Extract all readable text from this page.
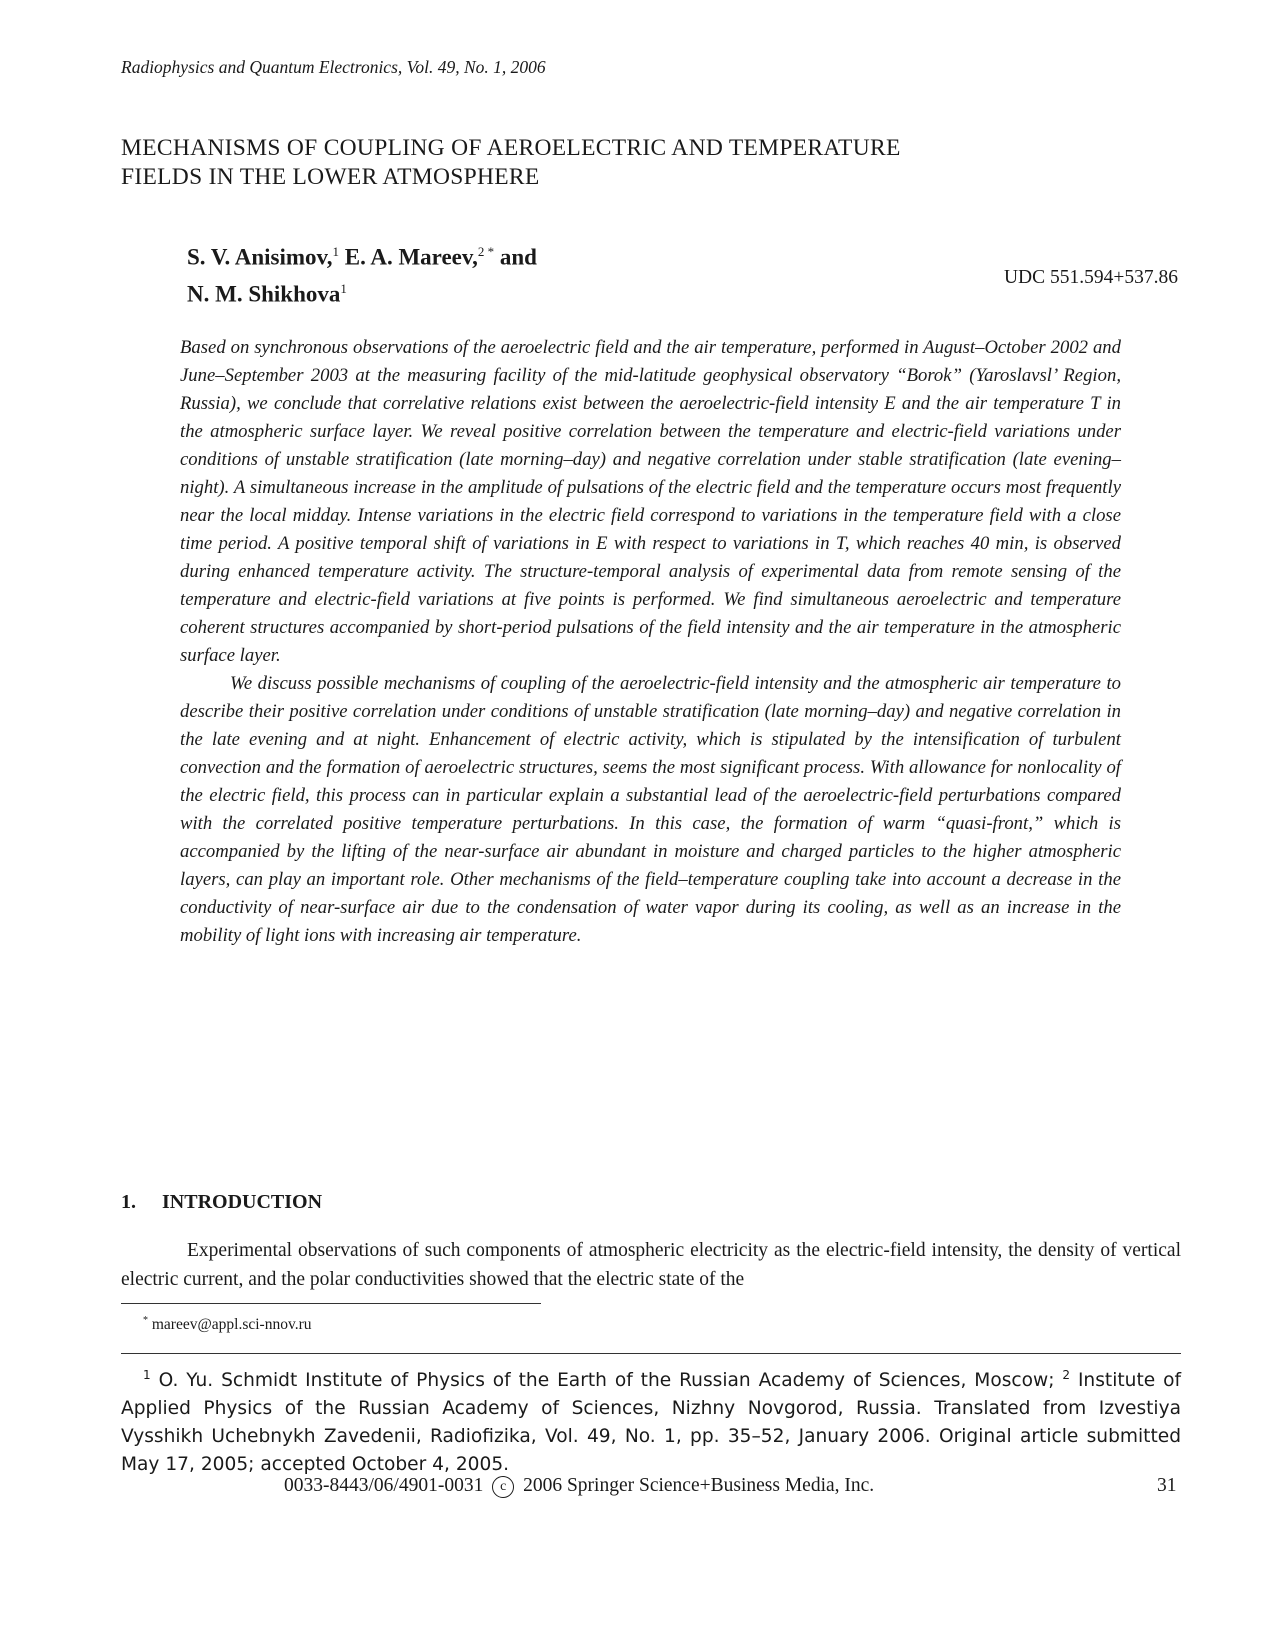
Radiophysics and Quantum Electronics, Vol. 49, No. 1, 2006
MECHANISMS OF COUPLING OF AEROELECTRIC AND TEMPERATURE
FIELDS IN THE LOWER ATMOSPHERE
S. V. Anisimov,$^1$ E. A. Mareev,$^{2 *}$ and
N. M. Shikhova$^1$
UDC 551.594+537.86

Based on synchronous observations of the aeroelectric field and the air temperature, performed in August–October 2002 and June–September 2003 at the measuring facility of the mid-latitude geophysical observatory “Borok” (Yaroslavsl’ Region, Russia), we conclude that correlative relations exist between the aeroelectric-field intensity E and the air temperature T in the atmospheric surface layer. We reveal positive correlation between the temperature and electric-field variations under conditions of unstable stratification (late morning–day) and negative correlation under stable stratification (late evening–night). A simultaneous increase in the amplitude of pulsations of the electric field and the temperature occurs most frequently near the local midday. Intense variations in the electric field correspond to variations in the temperature field with a close time period. A positive temporal shift of variations in E with respect to variations in T, which reaches 40 min, is observed during enhanced temperature activity. The structure-temporal analysis of experimental data from remote sensing of the temperature and electric-field variations at five points is performed. We find simultaneous aeroelectric and temperature coherent structures accompanied by short-period pulsations of the field intensity and the air temperature in the atmospheric surface layer.

We discuss possible mechanisms of coupling of the aeroelectric-field intensity and the atmospheric air temperature to describe their positive correlation under conditions of unstable stratification (late morning–day) and negative correlation in the late evening and at night. Enhancement of electric activity, which is stipulated by the intensification of turbulent convection and the formation of aeroelectric structures, seems the most significant process. With allowance for nonlocality of the electric field, this process can in particular explain a substantial lead of the aeroelectric-field perturbations compared with the correlated positive temperature perturbations. In this case, the formation of warm “quasi-front,” which is accompanied by the lifting of the near-surface air abundant in moisture and charged particles to the higher atmospheric layers, can play an important role. Other mechanisms of the field–temperature coupling take into account a decrease in the conductivity of near-surface air due to the condensation of water vapor during its cooling, as well as an increase in the mobility of light ions with increasing air temperature.

1. INTRODUCTION

Experimental observations of such components of atmospheric electricity as the electric-field intensity, the density of vertical electric current, and the polar conductivities showed that the electric state of the

* mareev@appl.sci-nnov.ru

$^1$ O. Yu. Schmidt Institute of Physics of the Earth of the Russian Academy of Sciences, Moscow; $^2$ Institute of Applied Physics of the Russian Academy of Sciences, Nizhny Novgorod, Russia. Translated from Izvestiya Vysshikh Uchebnykh Zavedenii, Radiofizika, Vol. 49, No. 1, pp. 35–52, January 2006. Original article submitted May 17, 2005; accepted October 4, 2005.

0033-8443/06/4901-0031 c 2006 Springer Science+Business Media, Inc.	31
